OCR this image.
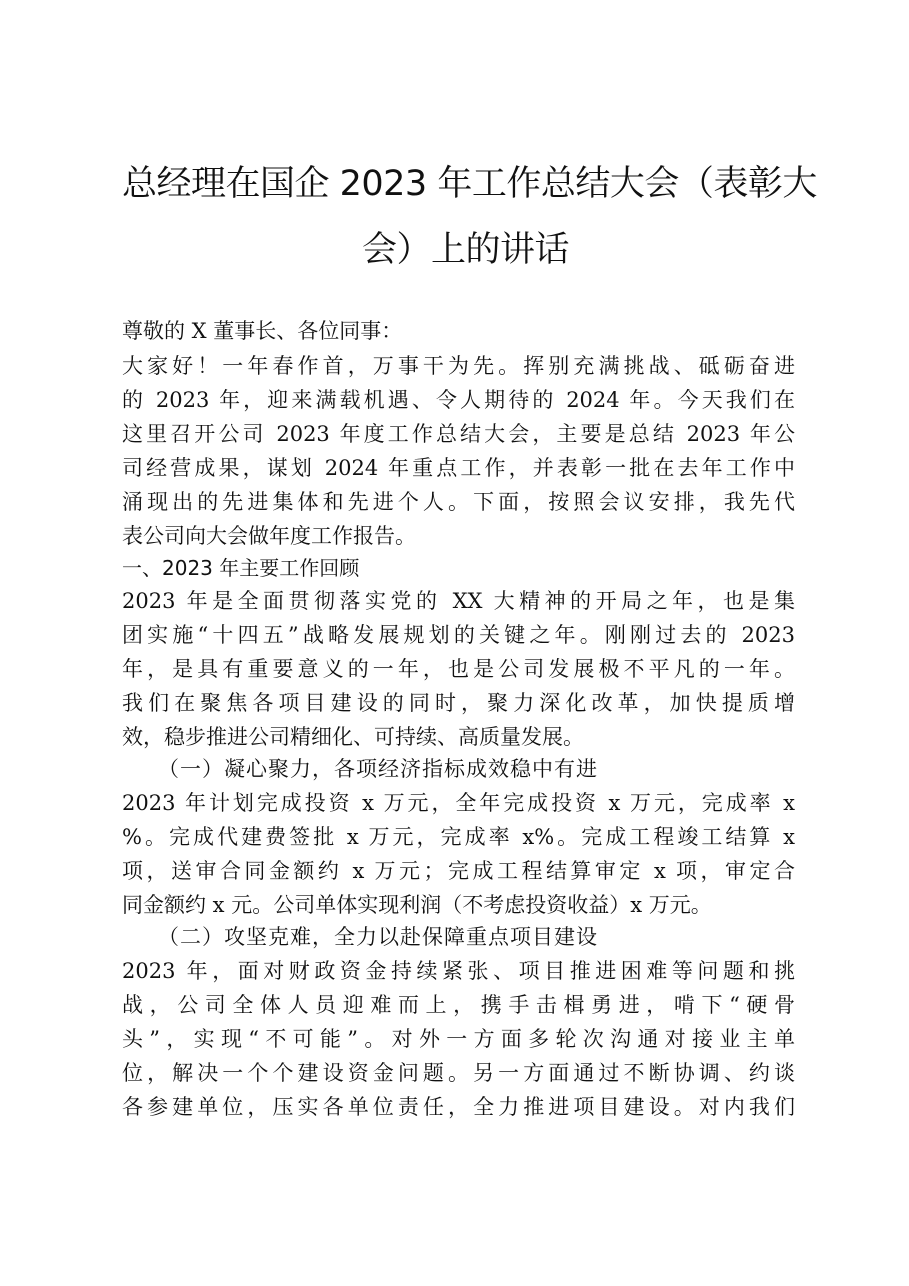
总经理在国企 2023 年工作总结大会（表彰大
会）上的讲话
尊敬的 X 董事长、各位同事：
大家好！一年春作首，万事干为先。挥别充满挑战、砥砺奋进
的 2023 年，迎来满载机遇、令人期待的 2024 年。今天我们在
这里召开公司 2023 年度工作总结大会，主要是总结 2023 年公
司经营成果，谋划 2024 年重点工作，并表彰一批在去年工作中
涌现出的先进集体和先进个人。下面，按照会议安排，我先代
表公司向大会做年度工作报告。
一、2023 年主要工作回顾
2023 年是全面贯彻落实党的 XX 大精神的开局之年，也是集
团实施“十四五”战略发展规划的关键之年。刚刚过去的 2023
年，是具有重要意义的一年，也是公司发展极不平凡的一年。
我们在聚焦各项目建设的同时，聚力深化改革，加快提质增
效，稳步推进公司精细化、可持续、高质量发展。
（一）凝心聚力，各项经济指标成效稳中有进
2023 年计划完成投资 x 万元，全年完成投资 x 万元，完成率 x
%。完成代建费签批 x 万元，完成率 x%。完成工程竣工结算 x
项，送审合同金额约 x 万元；完成工程结算审定 x 项，审定合
同金额约 x 元。公司单体实现利润（不考虑投资收益）x 万元。
（二）攻坚克难，全力以赴保障重点项目建设
2023 年，面对财政资金持续紧张、项目推进困难等问题和挑
战，公司全体人员迎难而上，携手击楫勇进，啃下“硬骨
头”，实现“不可能”。对外一方面多轮次沟通对接业主单
位，解决一个个建设资金问题。另一方面通过不断协调、约谈
各参建单位，压实各单位责任，全力推进项目建设。对内我们
